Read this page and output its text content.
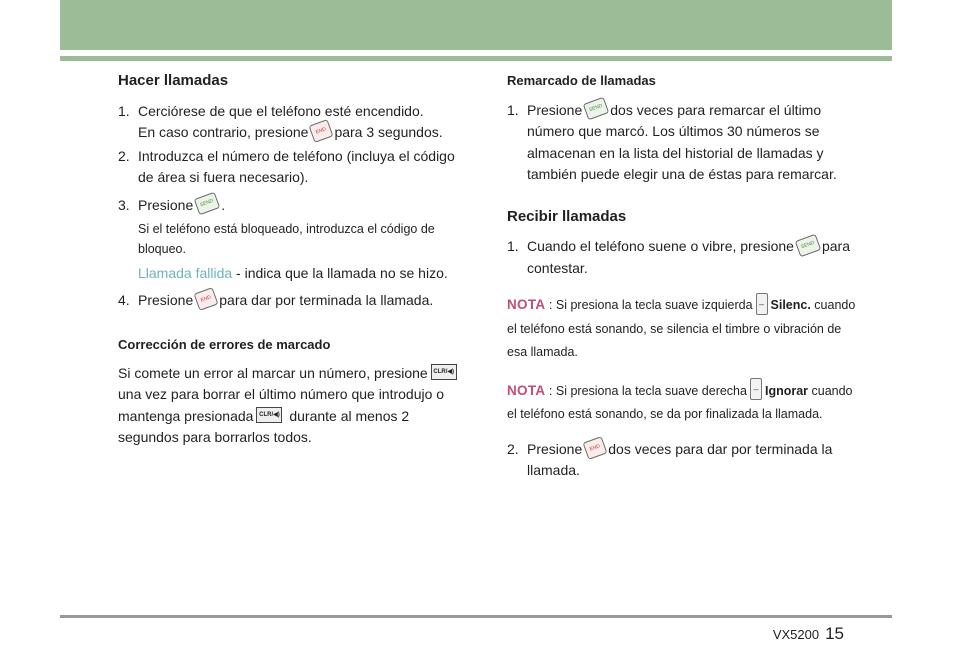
Hacer llamadas
1. Cerciórese de que el teléfono esté encendido.
En caso contrario, presione END para 3 segundos.
2. Introduzca el número de teléfono (incluya el código de área si fuera necesario).
3. Presione SEND .
Si el teléfono está bloqueado, introduzca el código de bloqueo.
Llamada fallida - indica que la llamada no se hizo.
4. Presione END para dar por terminada la llamada.
Corrección de errores de marcado
Si comete un error al marcar un número, presione CLR/◀) una vez para borrar el último número que introdujo o mantenga presionada CLR/◀) durante al menos 2 segundos para borrarlos todos.
Remarcado de llamadas
1. Presione SEND dos veces para remarcar el último número que marcó. Los últimos 30 números se almacenan en la lista del historial de llamadas y también puede elegir una de éstas para remarcar.
Recibir llamadas
1. Cuando el teléfono suene o vibre, presione SEND para contestar.
NOTA : Si presiona la tecla suave izquierda – Silenc. cuando el teléfono está sonando, se silencia el timbre o vibración de esa llamada.
NOTA : Si presiona la tecla suave derecha – Ignorar cuando el teléfono está sonando, se da por finalizada la llamada.
2. Presione END dos veces para dar por terminada la llamada.
VX5200 15
